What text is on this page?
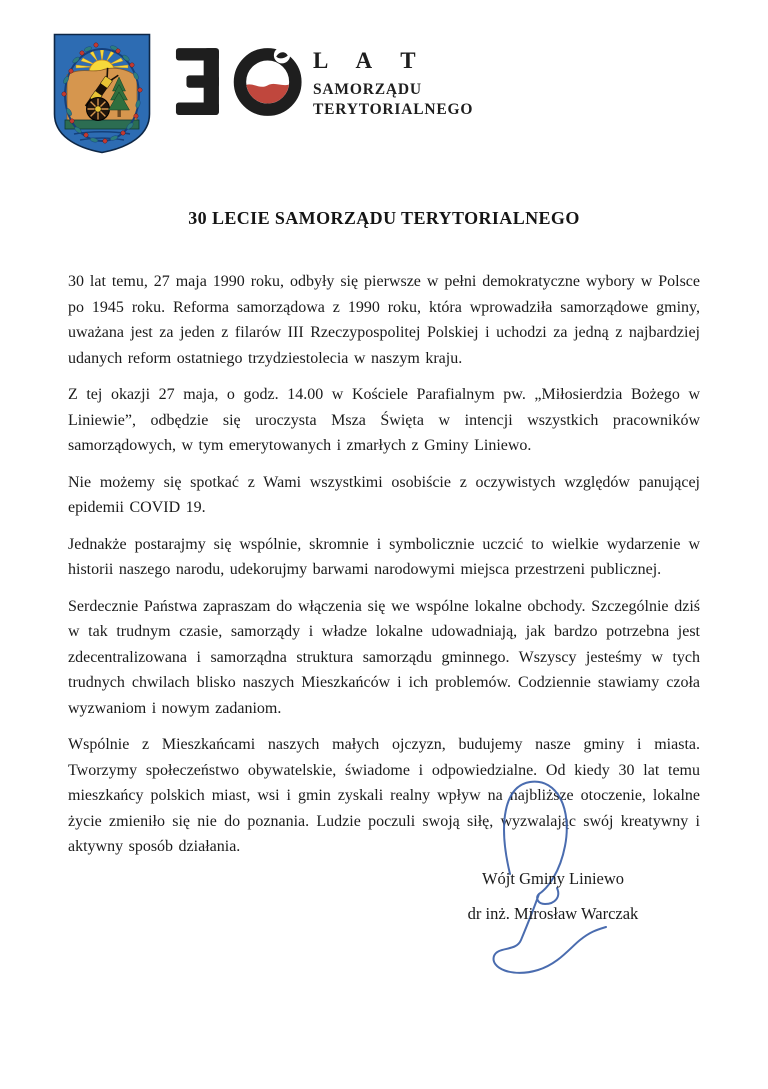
L A T
SAMORZĄDU
TERYTORIALNEGO
30 LECIE SAMORZĄDU TERYTORIALNEGO

30 lat temu, 27 maja 1990 roku, odbyły się pierwsze w pełni demokratyczne wybory w Polsce po 1945 roku. Reforma samorządowa z 1990 roku, która wprowadziła samorządowe gminy, uważana jest za jeden z filarów III Rzeczypospolitej Polskiej i uchodzi za jedną z najbardziej udanych reform ostatniego trzydziestolecia w naszym kraju.

Z tej okazji 27 maja, o godz. 14.00 w Kościele Parafialnym pw. „Miłosierdzia Bożego w Liniewie”, odbędzie się uroczysta Msza Święta w intencji wszystkich pracowników samorządowych, w tym emerytowanych i zmarłych z Gminy Liniewo.

Nie możemy się spotkać z Wami wszystkimi osobiście z oczywistych względów panującej epidemii COVID 19.

Jednakże postarajmy się wspólnie, skromnie i symbolicznie uczcić to wielkie wydarzenie w historii naszego narodu, udekorujmy barwami narodowymi miejsca przestrzeni publicznej.

Serdecznie Państwa zapraszam do włączenia się we wspólne lokalne obchody. Szczególnie dziś w tak trudnym czasie, samorządy i władze lokalne udowadniają, jak bardzo potrzebna jest zdecentralizowana i samorządna struktura samorządu gminnego. Wszyscy jesteśmy w tych trudnych chwilach blisko naszych Mieszkańców i ich problemów. Codziennie stawiamy czoła wyzwaniom i nowym zadaniom.

Wspólnie z Mieszkańcami naszych małych ojczyzn, budujemy nasze gminy i miasta. Tworzymy społeczeństwo obywatelskie, świadome i odpowiedzialne. Od kiedy 30 lat temu mieszkańcy polskich miast, wsi i gmin zyskali realny wpływ na najbliższe otoczenie, lokalne życie zmieniło się nie do poznania. Ludzie poczuli swoją siłę, wyzwalając swój kreatywny i aktywny sposób działania.

Wójt Gminy Liniewo
dr inż. Mirosław Warczak
